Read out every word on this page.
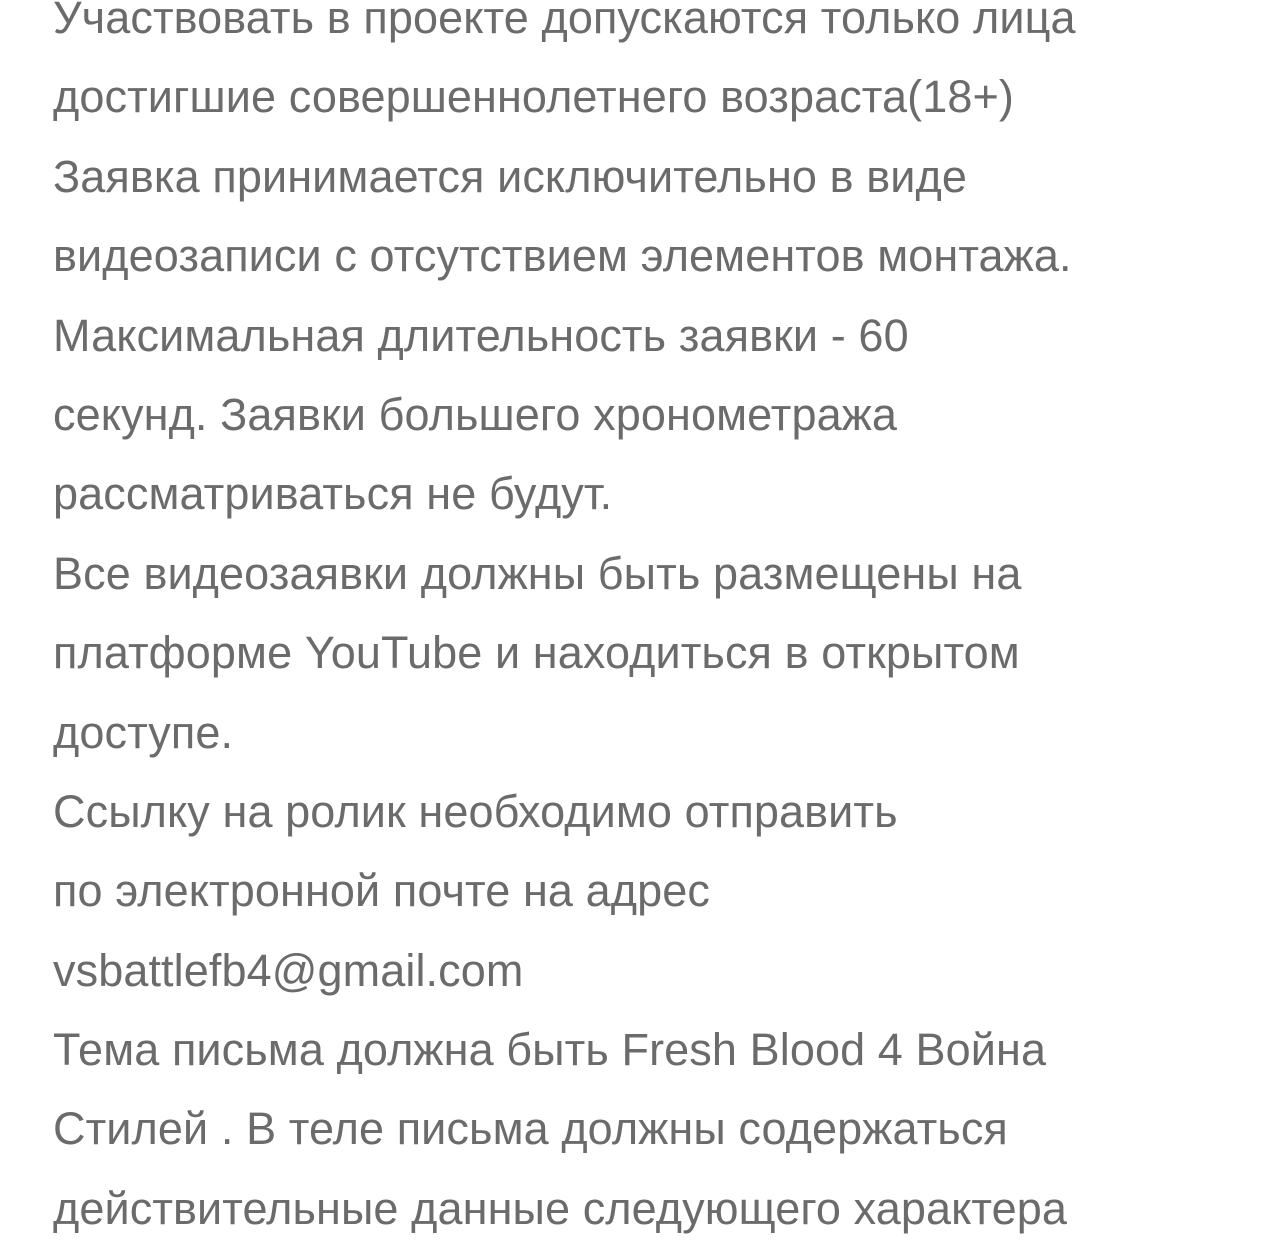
Участвовать в проекте допускаются только лица
достигшие совершеннолетнего возраста(18+)
Заявка принимается исключительно в виде
видеозаписи с отсутствием элементов монтажа.
Максимальная длительность заявки - 60
секунд. Заявки большего хронометража
рассматриваться не будут.
Все видеозаявки должны быть размещены на
платформе YouTube и находиться в открытом
доступе.
Ссылку на ролик необходимо отправить
по электронной почте на адрес
vsbattlefb4@gmail.com
Тема письма должна быть Fresh Blood 4 Война
Стилей . В теле письма должны содержаться
действительные данные следующего характера
